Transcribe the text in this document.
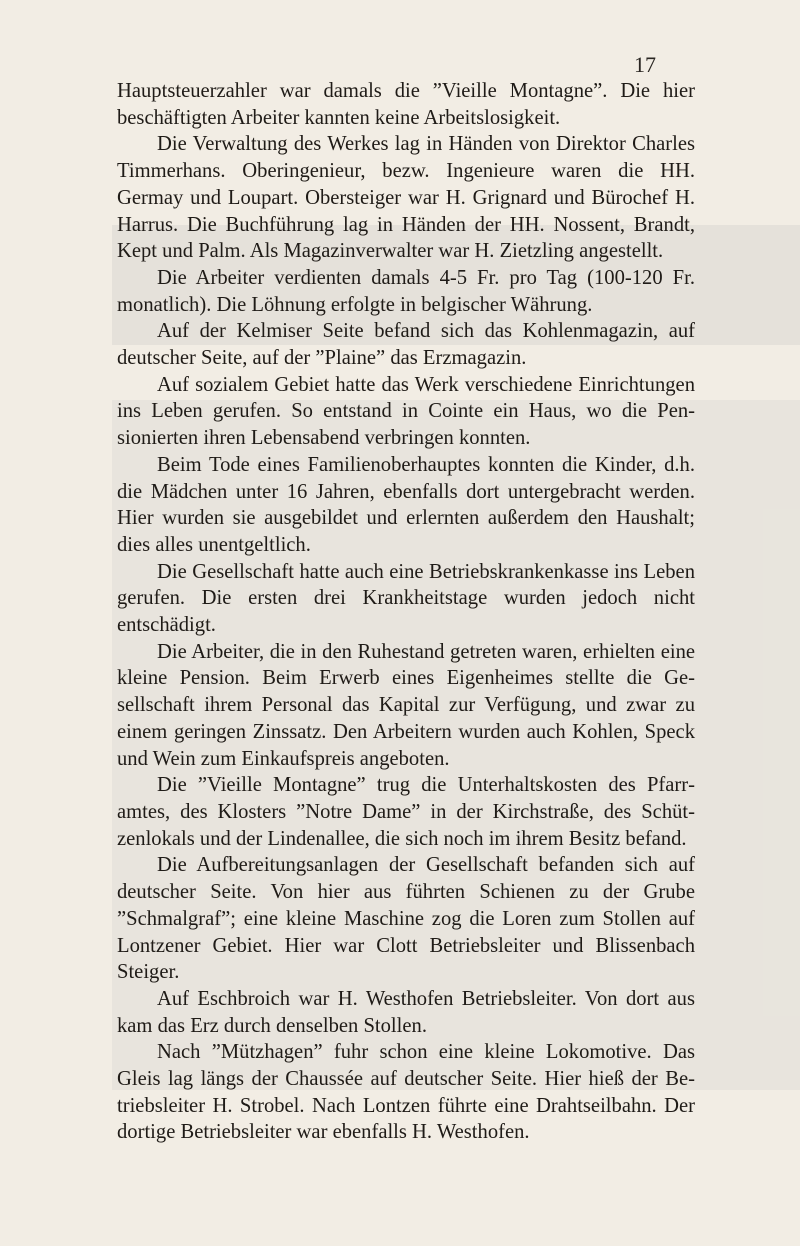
17

Hauptsteuerzahler war damals die ”Vieille Montagne”. Die hier beschäftigten Arbeiter kannten keine Arbeitslosigkeit.

Die Verwaltung des Werkes lag in Händen von Direktor Charles Timmerhans. Oberingenieur, bezw. Ingenieure waren die HH. Germay und Loupart. Obersteiger war H. Grignard und Bürochef H. Harrus. Die Buchführung lag in Händen der HH. Nossent, Brandt, Kept und Palm. Als Magazinverwalter war H. Zietzling angestellt.

Die Arbeiter verdienten damals 4-5 Fr. pro Tag (100-120 Fr. monatlich). Die Löhnung erfolgte in belgischer Währung.

Auf der Kelmiser Seite befand sich das Kohlenmagazin, auf deutscher Seite, auf der ”Plaine” das Erzmagazin.

Auf sozialem Gebiet hatte das Werk verschiedene Einrichtungen ins Leben gerufen. So entstand in Cointe ein Haus, wo die Pensionierten ihren Lebensabend verbringen konnten.

Beim Tode eines Familienoberhauptes konnten die Kinder, d.h. die Mädchen unter 16 Jahren, ebenfalls dort untergebracht werden. Hier wurden sie ausgebildet und erlernten außerdem den Haushalt; dies alles unentgeltlich.

Die Gesellschaft hatte auch eine Betriebskrankenkasse ins Leben gerufen. Die ersten drei Krankheitstage wurden jedoch nicht entschädigt.

Die Arbeiter, die in den Ruhestand getreten waren, erhielten eine kleine Pension. Beim Erwerb eines Eigenheimes stellte die Gesellschaft ihrem Personal das Kapital zur Verfügung, und zwar zu einem geringen Zinssatz. Den Arbeitern wurden auch Kohlen, Speck und Wein zum Einkaufspreis angeboten.

Die ”Vieille Montagne” trug die Unterhaltskosten des Pfarramtes, des Klosters ”Notre Dame” in der Kirchstraße, des Schützenlokals und der Lindenallee, die sich noch im ihrem Besitz befand.

Die Aufbereitungsanlagen der Gesellschaft befanden sich auf deutscher Seite. Von hier aus führten Schienen zu der Grube ”Schmalgraf”; eine kleine Maschine zog die Loren zum Stollen auf Lontzener Gebiet. Hier war Clott Betriebsleiter und Blissenbach Steiger.

Auf Eschbroich war H. Westhofen Betriebsleiter. Von dort aus kam das Erz durch denselben Stollen.

Nach ”Mützhagen” fuhr schon eine kleine Lokomotive. Das Gleis lag längs der Chaussée auf deutscher Seite. Hier hieß der Betriebsleiter H. Strobel. Nach Lontzen führte eine Drahtseilbahn. Der dortige Betriebsleiter war ebenfalls H. Westhofen.
